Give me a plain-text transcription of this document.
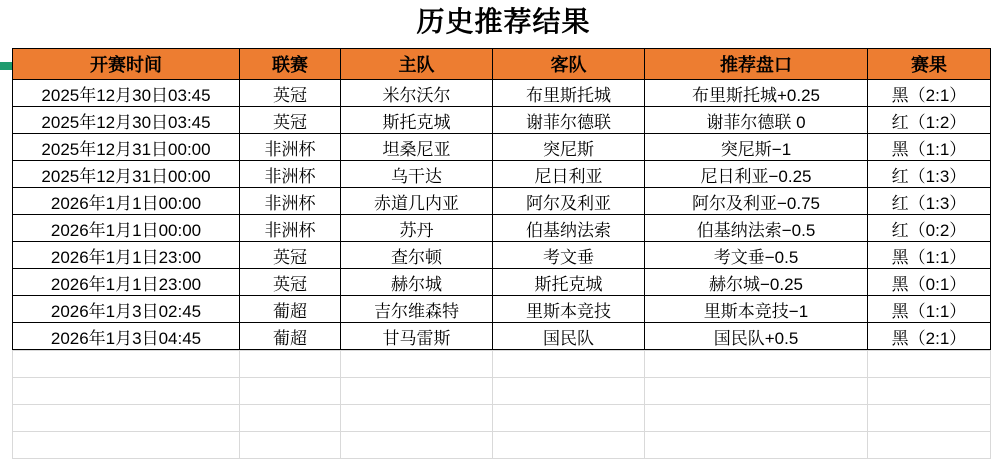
历史推荐结果
开赛时间	联赛	主队	客队	推荐盘口	赛果
2025年12月30日03:45	英冠	米尔沃尔	布里斯托城	布里斯托城+0.25	黑（2:1）
2025年12月30日03:45	英冠	斯托克城	谢菲尔德联	谢菲尔德联 0	红（1:2）
2025年12月31日00:00	非洲杯	坦桑尼亚	突尼斯	突尼斯−1	黑（1:1）
2025年12月31日00:00	非洲杯	乌干达	尼日利亚	尼日利亚−0.25	红（1:3）
2026年1月1日00:00	非洲杯	赤道几内亚	阿尔及利亚	阿尔及利亚−0.75	红（1:3）
2026年1月1日00:00	非洲杯	苏丹	伯基纳法索	伯基纳法索−0.5	红（0:2）
2026年1月1日23:00	英冠	查尔顿	考文垂	考文垂−0.5	黑（1:1）
2026年1月1日23:00	英冠	赫尔城	斯托克城	赫尔城−0.25	黑（0:1）
2026年1月3日02:45	葡超	吉尔维森特	里斯本竞技	里斯本竞技−1	黑（1:1）
2026年1月3日04:45	葡超	甘马雷斯	国民队	国民队+0.5	黑（2:1）
